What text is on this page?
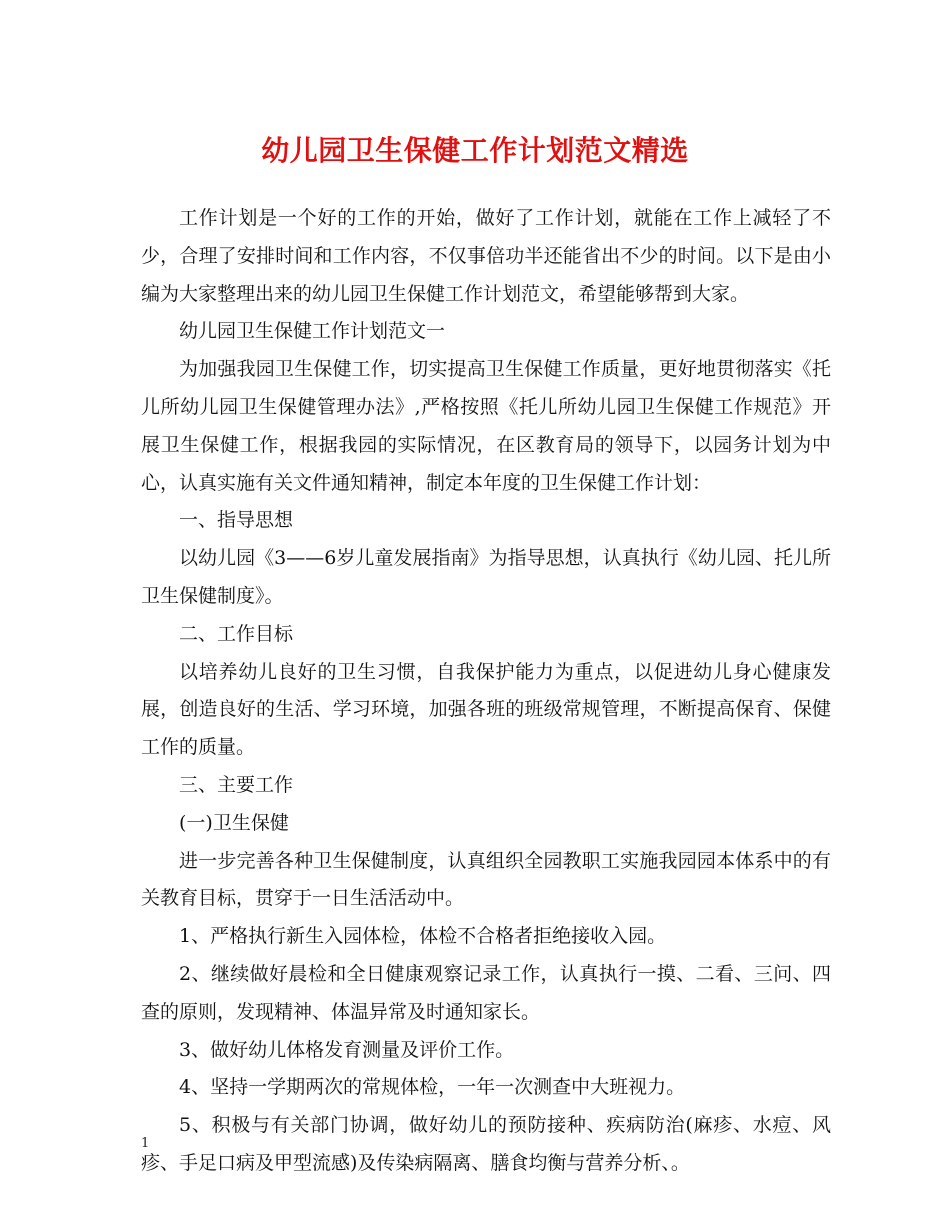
幼儿园卫生保健工作计划范文精选

工作计划是一个好的工作的开始，做好了工作计划，就能在工作上减轻了不少，合理了安排时间和工作内容，不仅事倍功半还能省出不少的时间。以下是由小编为大家整理出来的幼儿园卫生保健工作计划范文，希望能够帮到大家。

幼儿园卫生保健工作计划范文一

为加强我园卫生保健工作，切实提高卫生保健工作质量，更好地贯彻落实《托儿所幼儿园卫生保健管理办法》,严格按照《托儿所幼儿园卫生保健工作规范》开展卫生保健工作，根据我园的实际情况，在区教育局的领导下，以园务计划为中心，认真实施有关文件通知精神，制定本年度的卫生保健工作计划：

一、指导思想

以幼儿园《3——6岁儿童发展指南》为指导思想，认真执行《幼儿园、托儿所卫生保健制度》。

二、工作目标

以培养幼儿良好的卫生习惯，自我保护能力为重点，以促进幼儿身心健康发展，创造良好的生活、学习环境，加强各班的班级常规管理，不断提高保育、保健工作的质量。

三、主要工作

(一)卫生保健

进一步完善各种卫生保健制度，认真组织全园教职工实施我园园本体系中的有关教育目标，贯穿于一日生活活动中。

1、严格执行新生入园体检，体检不合格者拒绝接收入园。

2、继续做好晨检和全日健康观察记录工作，认真执行一摸、二看、三问、四查的原则，发现精神、体温异常及时通知家长。

3、做好幼儿体格发育测量及评价工作。

4、坚持一学期两次的常规体检，一年一次测查中大班视力。

5、积极与有关部门协调，做好幼儿的预防接种、疾病防治(麻疹、水痘、风疹、手足口病及甲型流感)及传染病隔离、膳食均衡与营养分析、。

1
